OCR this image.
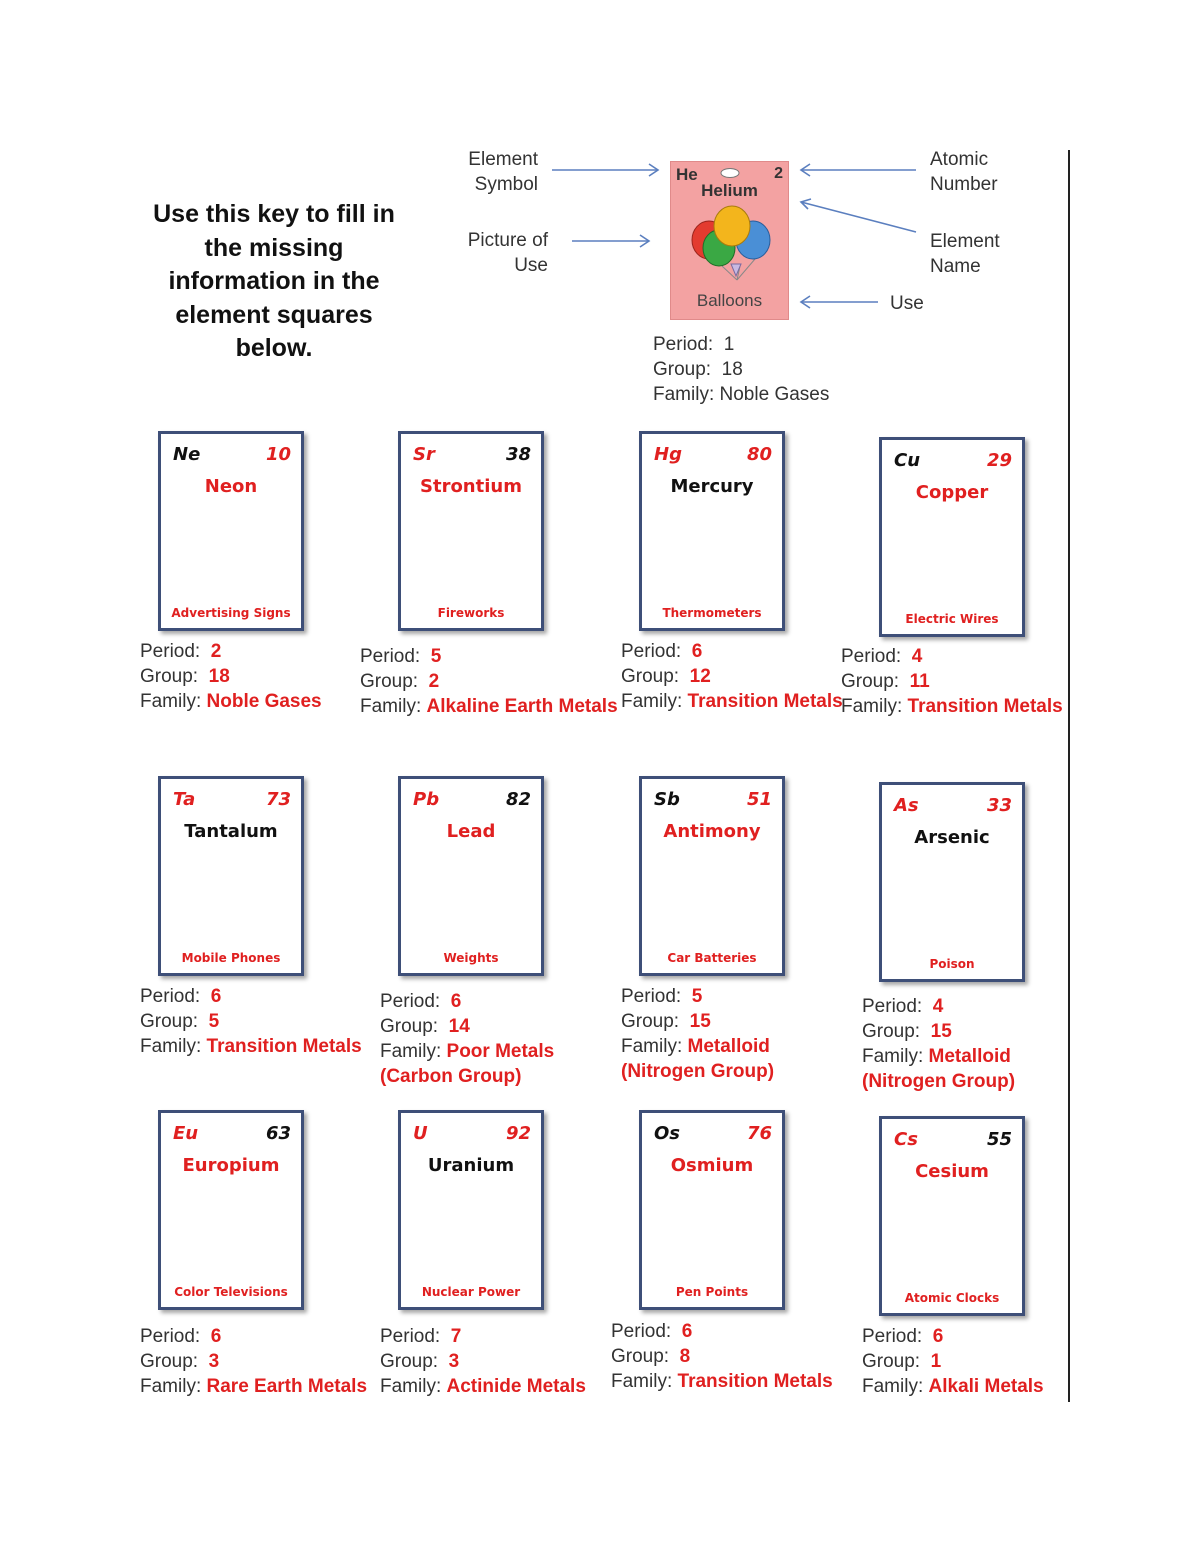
Use this key to fill in the missing information in the element squares below.
Element
Symbol
Picture of
Use
Atomic
Number
Element
Name
Use
He	2
Helium
Balloons
Period: 1
Group: 18
Family: Noble Gases
Ne	10
Neon
Advertising Signs
Period: 2
Group: 18
Family: Noble Gases
Sr	38
Strontium
Fireworks
Period: 5
Group: 2
Family: Alkaline Earth Metals
Hg	80
Mercury
Thermometers
Period: 6
Group: 12
Family: Transition Metals
Cu	29
Copper
Electric Wires
Period: 4
Group: 11
Family: Transition Metals
Ta	73
Tantalum
Mobile Phones
Period: 6
Group: 5
Family: Transition Metals
Pb	82
Lead
Weights
Period: 6
Group: 14
Family: Poor Metals
(Carbon Group)
Sb	51
Antimony
Car Batteries
Period: 5
Group: 15
Family: Metalloid
(Nitrogen Group)
As	33
Arsenic
Poison
Period: 4
Group: 15
Family: Metalloid
(Nitrogen Group)
Eu	63
Europium
Color Televisions
Period: 6
Group: 3
Family: Rare Earth Metals
U	92
Uranium
Nuclear Power
Period: 7
Group: 3
Family: Actinide Metals
Os	76
Osmium
Pen Points
Period: 6
Group: 8
Family: Transition Metals
Cs	55
Cesium
Atomic Clocks
Period: 6
Group: 1
Family: Alkali Metals
